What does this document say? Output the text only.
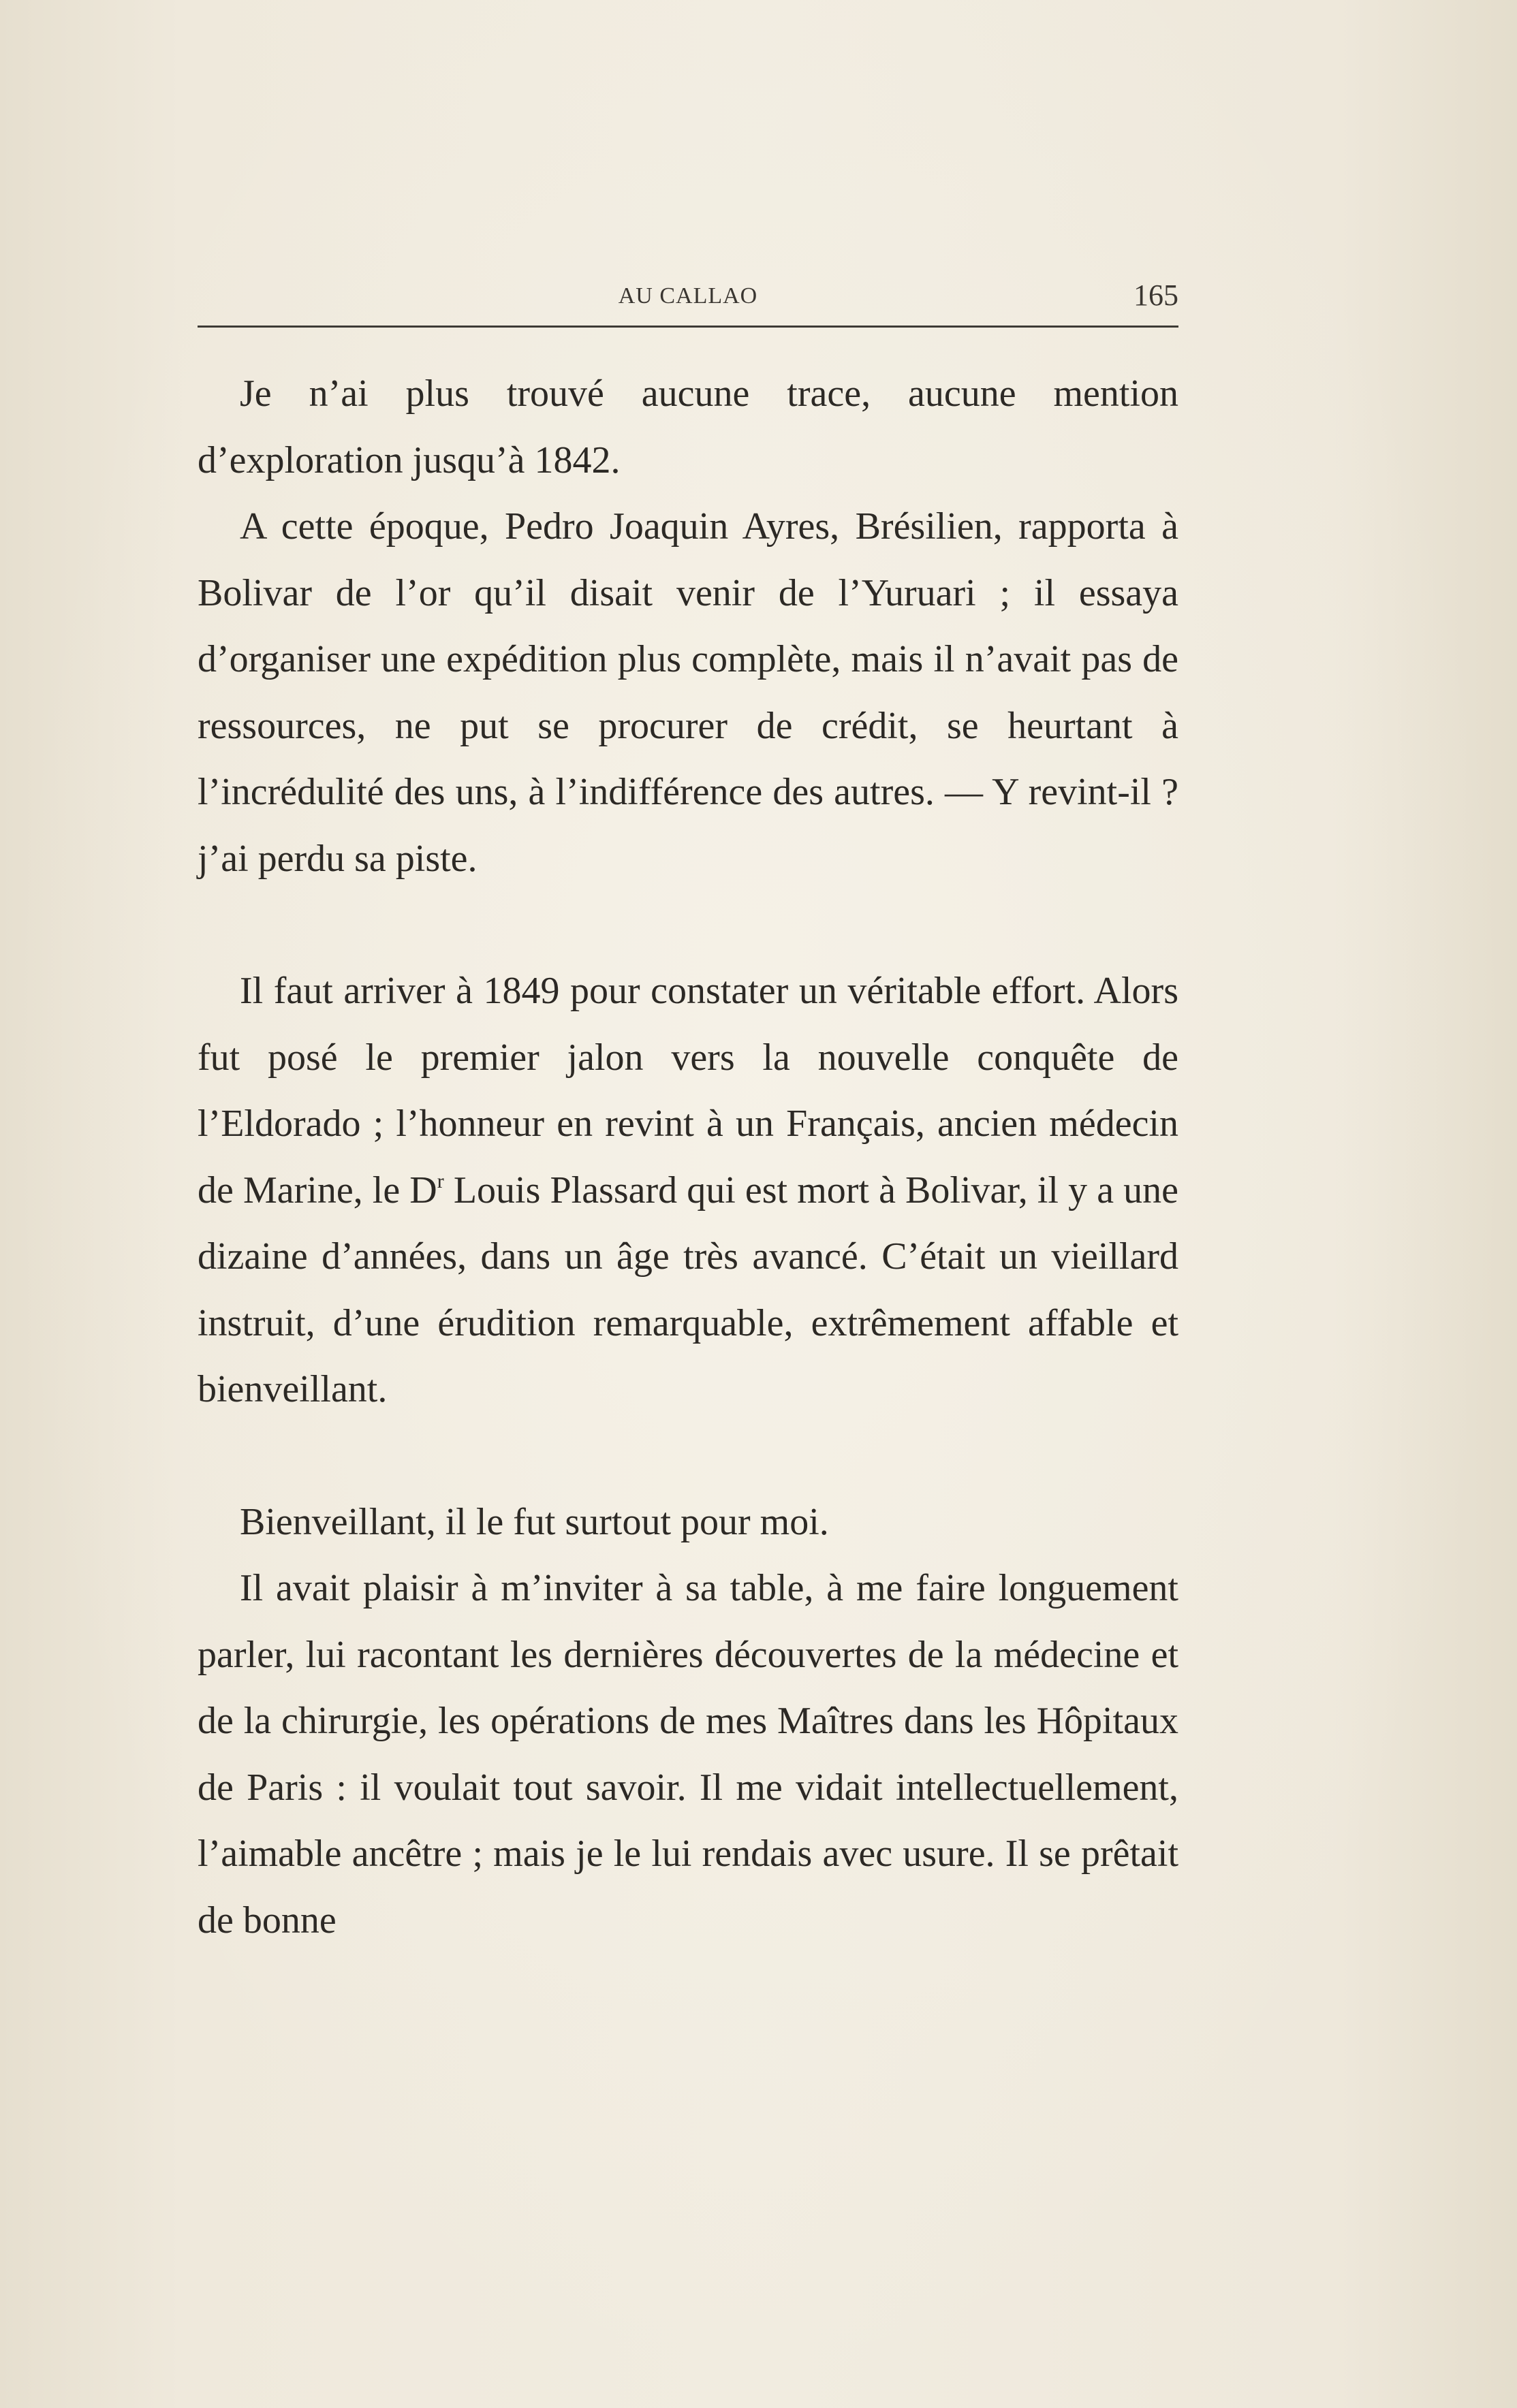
AU CALLAO	165

Je n’ai plus trouvé aucune trace, aucune mention d’exploration jusqu’à 1842.

A cette époque, Pedro Joaquin Ayres, Brésilien, rapporta à Bolivar de l’or qu’il disait venir de l’Yuruari ; il essaya d’organiser une expédition plus complète, mais il n’avait pas de ressources, ne put se procurer de crédit, se heurtant à l’incrédulité des uns, à l’indifférence des autres. — Y revint-il ? j’ai perdu sa piste.

Il faut arriver à 1849 pour constater un véritable effort. Alors fut posé le premier jalon vers la nouvelle conquête de l’Eldorado ; l’honneur en revint à un Français, ancien médecin de Marine, le $D^r$ Louis Plassard qui est mort à Bolivar, il y a une dizaine d’années, dans un âge très avancé. C’était un vieillard instruit, d’une érudition remarquable, extrêmement affable et bienveillant.

Bienveillant, il le fut surtout pour moi.

Il avait plaisir à m’inviter à sa table, à me faire longuement parler, lui racontant les dernières découvertes de la médecine et de la chirurgie, les opérations de mes Maîtres dans les Hôpitaux de Paris : il voulait tout savoir. Il me vidait intellectuellement, l’aimable ancêtre ; mais je le lui rendais avec usure. Il se prêtait de bonne
